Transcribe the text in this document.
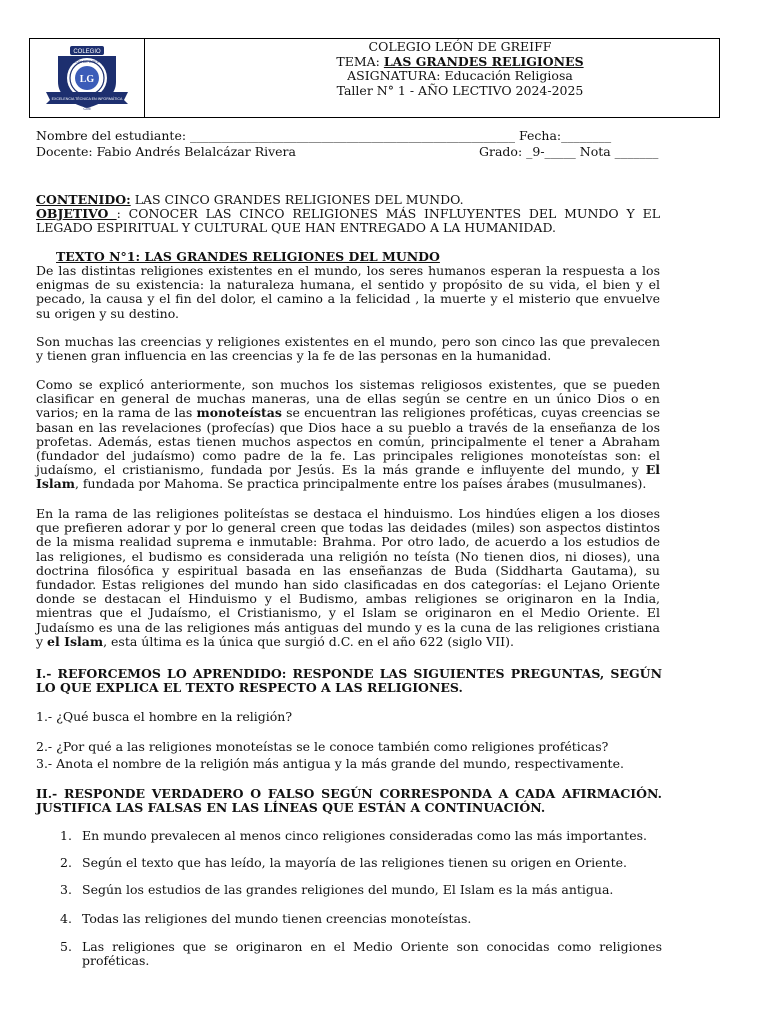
COLEGIO
LG
LEÓN DE GREIFF
EXCELENCIA TÉCNICA EN INFORMÁTICA
CMI
COLEGIO LEÓN DE GREIFF
TEMA: LAS GRANDES RELIGIONES
ASIGNATURA: Educación Religiosa
Taller N° 1 - AÑO LECTIVO 2024-2025
Nombre del estudiante: ____________________________________________________ Fecha:________
Docente: Fabio Andrés Belalcázar Rivera	Grado: _9-_____ Nota _______
CONTENIDO: LAS CINCO GRANDES RELIGIONES DEL MUNDO.
OBJETIVO : CONOCER LAS CINCO RELIGIONES MÁS INFLUYENTES DEL MUNDO Y EL LEGADO ESPIRITUAL Y CULTURAL QUE HAN ENTREGADO A LA HUMANIDAD.
TEXTO N°1: LAS GRANDES RELIGIONES DEL MUNDO
De las distintas religiones existentes en el mundo, los seres humanos esperan la respuesta a los enigmas de su existencia: la naturaleza humana, el sentido y propósito de su vida, el bien y el pecado, la causa y el fin del dolor, el camino a la felicidad , la muerte y el misterio que envuelve su origen y su destino.
Son muchas las creencias y religiones existentes en el mundo, pero son cinco las que prevalecen y tienen gran influencia en las creencias y la fe de las personas en la humanidad.
Como se explicó anteriormente, son muchos los sistemas religiosos existentes, que se pueden clasificar en general de muchas maneras, una de ellas según se centre en un único Dios o en varios; en la rama de las monoteístas se encuentran las religiones proféticas, cuyas creencias se basan en las revelaciones (profecías) que Dios hace a su pueblo a través de la enseñanza de los profetas. Además, estas tienen muchos aspectos en común, principalmente el tener a Abraham (fundador del judaísmo) como padre de la fe. Las principales religiones monoteístas son: el judaísmo, el cristianismo, fundada por Jesús. Es la más grande e influyente del mundo, y El Islam, fundada por Mahoma. Se practica principalmente entre los países árabes (musulmanes).
En la rama de las religiones politeístas se destaca el hinduismo. Los hindúes eligen a los dioses que prefieren adorar y por lo general creen que todas las deidades (miles) son aspectos distintos de la misma realidad suprema e inmutable: Brahma. Por otro lado, de acuerdo a los estudios de las religiones, el budismo es considerada una religión no teísta (No tienen dios, ni dioses), una doctrina filosófica y espiritual basada en las enseñanzas de Buda (Siddharta Gautama), su fundador. Estas religiones del mundo han sido clasificadas en dos categorías: el Lejano Oriente donde se destacan el Hinduismo y el Budismo, ambas religiones se originaron en la India, mientras que el Judaísmo, el Cristianismo, y el Islam se originaron en el Medio Oriente. El Judaísmo es una de las religiones más antiguas del mundo y es la cuna de las religiones cristiana y el Islam, esta última es la única que surgió d.C. en el año 622 (siglo VII).
I.- REFORCEMOS LO APRENDIDO: RESPONDE LAS SIGUIENTES PREGUNTAS, SEGÚN LO QUE EXPLICA EL TEXTO RESPECTO A LAS RELIGIONES.
1.- ¿Qué busca el hombre en la religión?
2.- ¿Por qué a las religiones monoteístas se le conoce también como religiones proféticas?
3.- Anota el nombre de la religión más antigua y la más grande del mundo, respectivamente.
II.- RESPONDE VERDADERO O FALSO SEGÚN CORRESPONDA A CADA AFIRMACIÓN. JUSTIFICA LAS FALSAS EN LAS LÍNEAS QUE ESTÁN A CONTINUACIÓN.
1. En mundo prevalecen al menos cinco religiones consideradas como las más importantes.
2. Según el texto que has leído, la mayoría de las religiones tienen su origen en Oriente.
3. Según los estudios de las grandes religiones del mundo, El Islam es la más antigua.
4. Todas las religiones del mundo tienen creencias monoteístas.
5. Las religiones que se originaron en el Medio Oriente son conocidas como religiones proféticas.
